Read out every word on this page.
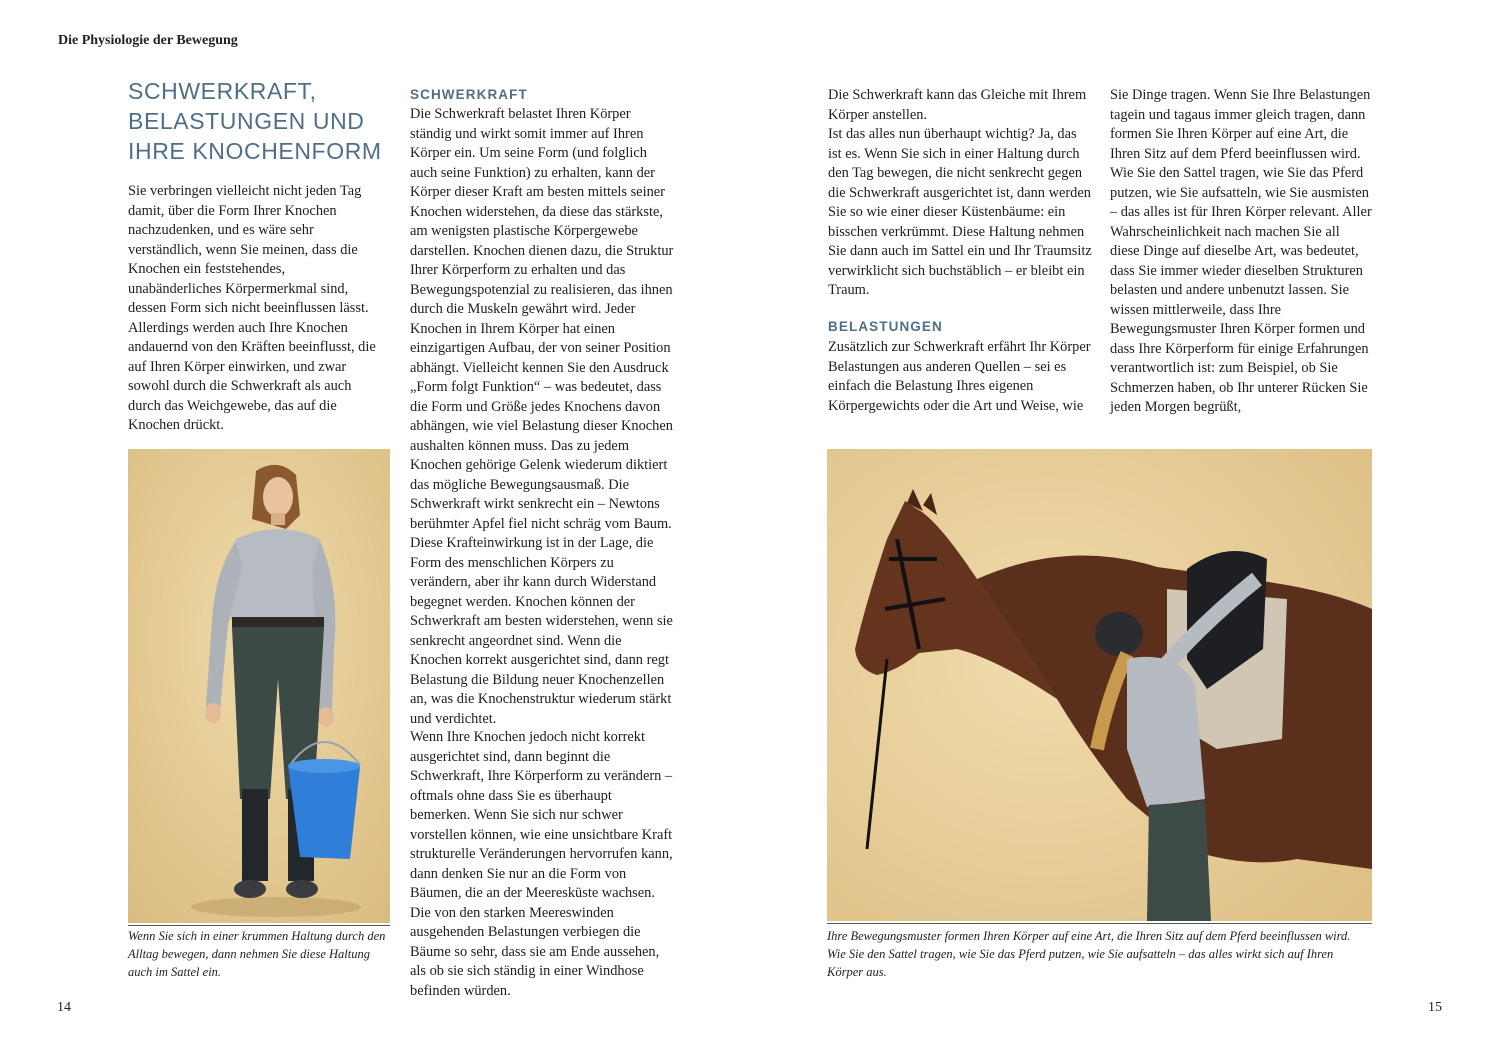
Die Physiologie der Bewegung
14	15
SCHWERKRAFT, BELASTUNGEN UND IHRE KNOCHENFORM

Sie verbringen vielleicht nicht jeden Tag damit, über die Form Ihrer Knochen nachzudenken, und es wäre sehr verständlich, wenn Sie meinen, dass die Knochen ein feststehendes, unabänderliches Körpermerkmal sind, dessen Form sich nicht beeinflussen lässt. Allerdings werden auch Ihre Knochen andauernd von den Kräften beeinflusst, die auf Ihren Körper einwirken, und zwar sowohl durch die Schwerkraft als auch durch das Weichgewebe, das auf die Knochen drückt.

Wenn Sie sich in einer krummen Haltung durch den Alltag bewegen, dann nehmen Sie diese Haltung auch im Sattel ein.

SCHWERKRAFT

Die Schwerkraft belastet Ihren Körper ständig und wirkt somit immer auf Ihren Körper ein. Um seine Form (und folglich auch seine Funktion) zu erhalten, kann der Körper dieser Kraft am besten mittels seiner Knochen widerstehen, da diese das stärkste, am wenigsten plastische Körpergewebe darstellen. Knochen dienen dazu, die Struktur Ihrer Körperform zu erhalten und das Bewegungspotenzial zu realisieren, das ihnen durch die Muskeln gewährt wird. Jeder Knochen in Ihrem Körper hat einen einzigartigen Aufbau, der von seiner Position abhängt. Vielleicht kennen Sie den Ausdruck „Form folgt Funktion“ – was bedeutet, dass die Form und Größe jedes Knochens davon abhängen, wie viel Belastung dieser Knochen aushalten können muss. Das zu jedem Knochen gehörige Gelenk wiederum diktiert das mögliche Bewegungsausmaß. Die Schwerkraft wirkt senkrecht ein – Newtons berühmter Apfel fiel nicht schräg vom Baum. Diese Krafteinwirkung ist in der Lage, die Form des menschlichen Körpers zu verändern, aber ihr kann durch Widerstand begegnet werden. Knochen können der Schwerkraft am besten widerstehen, wenn sie senkrecht angeordnet sind. Wenn die Knochen korrekt ausgerichtet sind, dann regt Belastung die Bildung neuer Knochenzellen an, was die Knochenstruktur wiederum stärkt und verdichtet.

Wenn Ihre Knochen jedoch nicht korrekt ausgerichtet sind, dann beginnt die Schwerkraft, Ihre Körperform zu verändern – oftmals ohne dass Sie es überhaupt bemerken. Wenn Sie sich nur schwer vorstellen können, wie eine unsichtbare Kraft strukturelle Veränderungen hervorrufen kann, dann denken Sie nur an die Form von Bäumen, die an der Meeresküste wachsen. Die von den starken Meereswinden ausgehenden Belastungen verbiegen die Bäume so sehr, dass sie am Ende aussehen, als ob sie sich ständig in einer Windhose befinden würden.

Die Schwerkraft kann das Gleiche mit Ihrem Körper anstellen.

Ist das alles nun überhaupt wichtig? Ja, das ist es. Wenn Sie sich in einer Haltung durch den Tag bewegen, die nicht senkrecht gegen die Schwerkraft ausgerichtet ist, dann werden Sie so wie einer dieser Küstenbäume: ein bisschen verkrümmt. Diese Haltung nehmen Sie dann auch im Sattel ein und Ihr Traumsitz verwirklicht sich buchstäblich – er bleibt ein Traum.

BELASTUNGEN

Zusätzlich zur Schwerkraft erfährt Ihr Körper Belastungen aus anderen Quellen – sei es einfach die Belastung Ihres eigenen Körpergewichts oder die Art und Weise, wie

Sie Dinge tragen. Wenn Sie Ihre Belastungen tagein und tagaus immer gleich tragen, dann formen Sie Ihren Körper auf eine Art, die Ihren Sitz auf dem Pferd beeinflussen wird. Wie Sie den Sattel tragen, wie Sie das Pferd putzen, wie Sie aufsatteln, wie Sie ausmisten – das alles ist für Ihren Körper relevant. Aller Wahrscheinlichkeit nach machen Sie all diese Dinge auf dieselbe Art, was bedeutet, dass Sie immer wieder dieselben Strukturen belasten und andere unbenutzt lassen. Sie wissen mittlerweile, dass Ihre Bewegungsmuster Ihren Körper formen und dass Ihre Körperform für einige Erfahrungen verantwortlich ist: zum Beispiel, ob Sie Schmerzen haben, ob Ihr unterer Rücken Sie jeden Morgen begrüßt,

Ihre Bewegungsmuster formen Ihren Körper auf eine Art, die Ihren Sitz auf dem Pferd beeinflussen wird. Wie Sie den Sattel tragen, wie Sie das Pferd putzen, wie Sie aufsatteln – das alles wirkt sich auf Ihren Körper aus.
